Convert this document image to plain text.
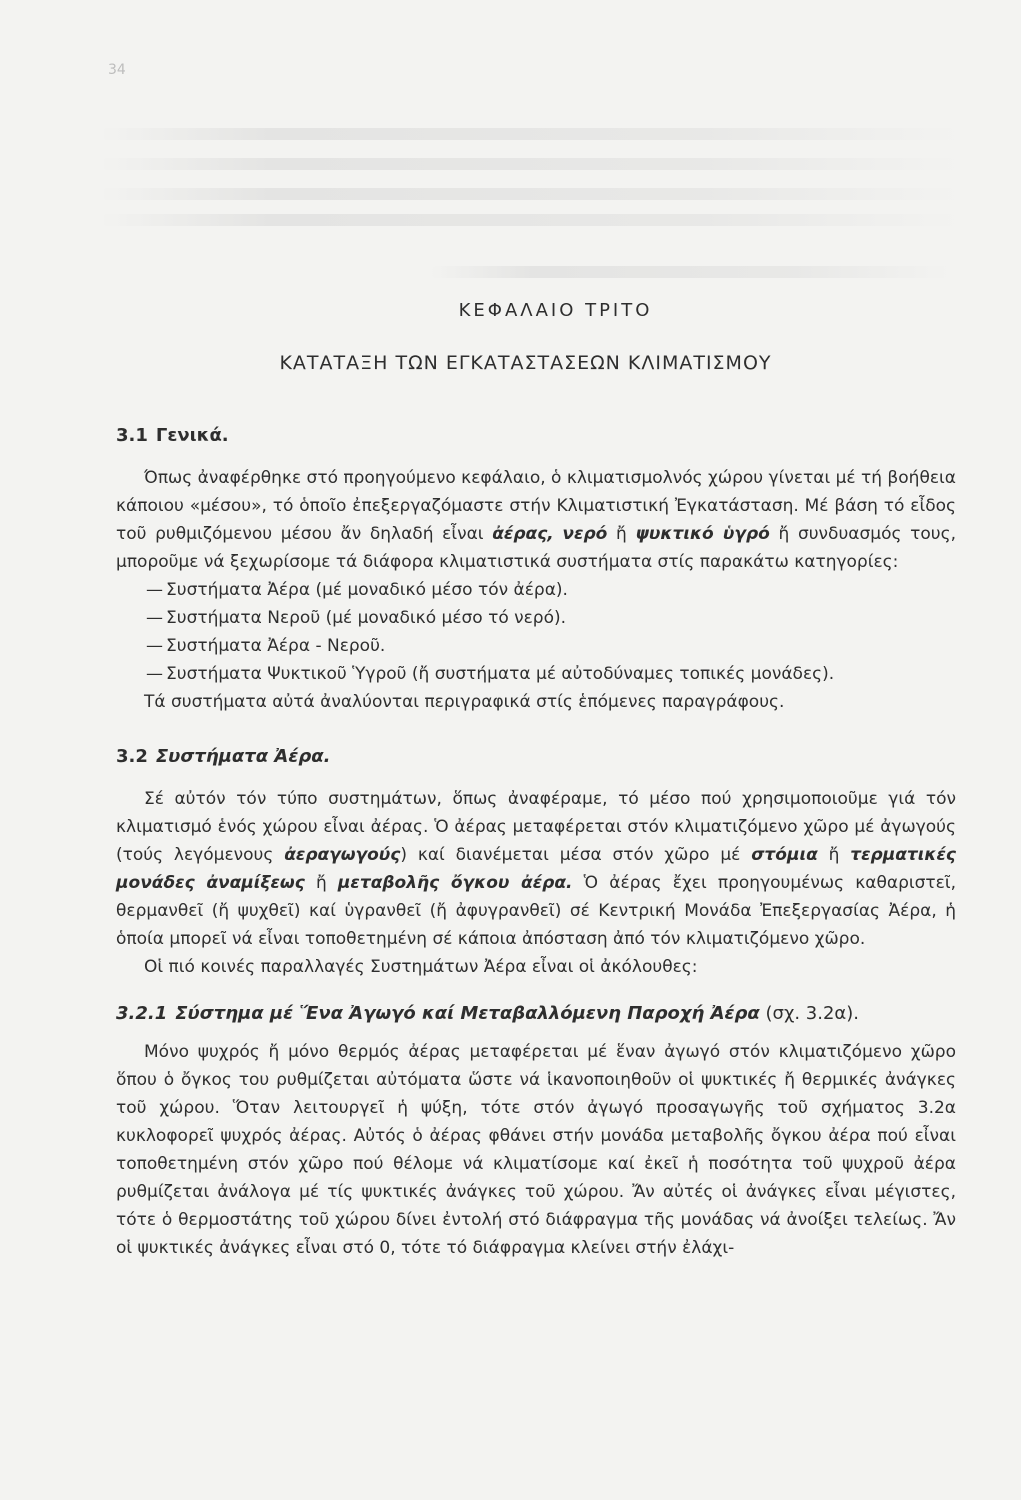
34
ΚΕΦΑΛΑΙΟ ΤΡΙΤΟ
ΚΑΤΑΤΑΞΗ ΤΩΝ ΕΓΚΑΤΑΣΤΑΣΕΩΝ ΚΛΙΜΑΤΙΣΜΟΥ
3.1 Γενικά.

Όπως ἀναφέρθηκε στό προηγούμενο κεφάλαιο, ὁ κλιματισμολνός χώρου γίνεται μέ τή βοήθεια κάποιου «μέσου», τό ὁποῖο ἐπεξεργαζόμαστε στήν Κλιματιστική Ἐγκατάσταση. Μέ βάση τό εἶδος τοῦ ρυθμιζόμενου μέσου ἄν δηλαδή εἶναι ἀέρας, νερό ἤ ψυκτικό ὑγρό ἤ συνδυασμός τους, μποροῦμε νά ξεχωρίσομε τά διάφορα κλιματιστικά συστήματα στίς παρακάτω κατηγορίες:

— Συστήματα Ἀέρα (μέ μοναδικό μέσο τόν ἀέρα).
— Συστήματα Νεροῦ (μέ μοναδικό μέσο τό νερό).
— Συστήματα Ἀέρα - Νεροῦ.
— Συστήματα Ψυκτικοῦ Ὑγροῦ (ἤ συστήματα μέ αὐτοδύναμες τοπικές μονάδες).

Τά συστήματα αὐτά ἀναλύονται περιγραφικά στίς ἑπόμενες παραγράφους.

3.2 Συστήματα Ἀέρα.

Σέ αὐτόν τόν τύπο συστημάτων, ὅπως ἀναφέραμε, τό μέσο πού χρησιμοποιοῦμε γιά τόν κλιματισμό ἑνός χώρου εἶναι ἀέρας. Ὁ ἀέρας μεταφέρεται στόν κλιματιζόμενο χῶρο μέ ἀγωγούς (τούς λεγόμενους ἀεραγωγούς) καί διανέμεται μέσα στόν χῶρο μέ στόμια ἤ τερματικές μονάδες ἀναμίξεως ἤ μεταβολῆς ὄγκου ἀέρα. Ὁ ἀέρας ἔχει προηγουμένως καθαριστεῖ, θερμανθεῖ (ἤ ψυχθεῖ) καί ὑγρανθεῖ (ἤ ἀφυγρανθεῖ) σέ Κεντρική Μονάδα Ἐπεξεργασίας Ἀέρα, ἡ ὁποία μπορεῖ νά εἶναι τοποθετημένη σέ κάποια ἀπόσταση ἀπό τόν κλιματιζόμενο χῶρο.

Οἱ πιό κοινές παραλλαγές Συστημάτων Ἀέρα εἶναι οἱ ἀκόλουθες:

3.2.1 Σύστημα μέ Ἕνα Ἀγωγό καί Μεταβαλλόμενη Παροχή Ἀέρα (σχ. 3.2α).

Μόνο ψυχρός ἤ μόνο θερμός ἀέρας μεταφέρεται μέ ἕναν ἀγωγό στόν κλιματιζόμενο χῶρο ὅπου ὁ ὄγκος του ρυθμίζεται αὐτόματα ὥστε νά ἱκανοποιηθοῦν οἱ ψυκτικές ἤ θερμικές ἀνάγκες τοῦ χώρου. Ὅταν λειτουργεῖ ἡ ψύξη, τότε στόν ἀγωγό προσαγωγῆς τοῦ σχήματος 3.2α κυκλοφορεῖ ψυχρός ἀέρας. Αὐτός ὁ ἀέρας φθάνει στήν μονάδα μεταβολῆς ὄγκου ἀέρα πού εἶναι τοποθετημένη στόν χῶρο πού θέλομε νά κλιματίσομε καί ἐκεῖ ἡ ποσότητα τοῦ ψυχροῦ ἀέρα ρυθμίζεται ἀνάλογα μέ τίς ψυκτικές ἀνάγκες τοῦ χώρου. Ἄν αὐτές οἱ ἀνάγκες εἶναι μέγιστες, τότε ὁ θερμοστάτης τοῦ χώρου δίνει ἐντολή στό διάφραγμα τῆς μονάδας νά ἀνοίξει τελείως. Ἄν οἱ ψυκτικές ἀνάγκες εἶναι στό 0, τότε τό διάφραγμα κλείνει στήν ἐλάχι-
